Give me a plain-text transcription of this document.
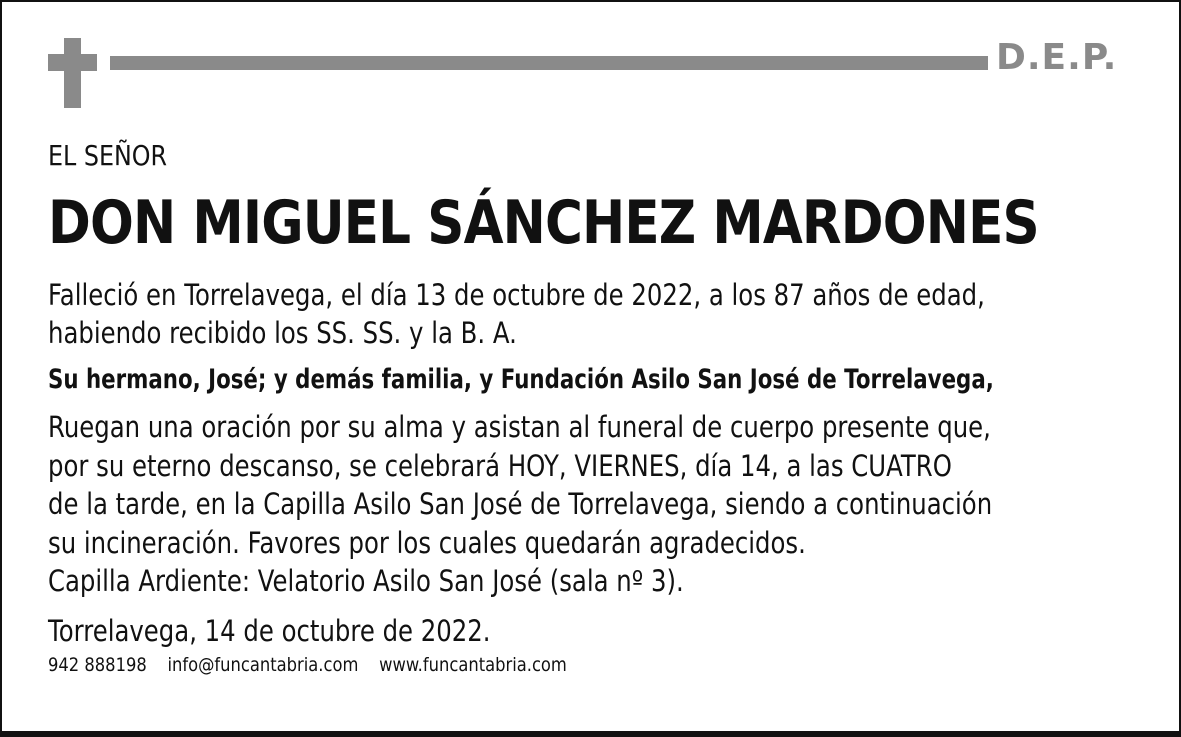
D.E.P.
EL SEÑOR
DON MIGUEL SÁNCHEZ MARDONES
Falleció en Torrelavega, el día 13 de octubre de 2022, a los 87 años de edad,
habiendo recibido los SS. SS. y la B. A.
Su hermano, José; y demás familia, y Fundación Asilo San José de Torrelavega,
Ruegan una oración por su alma y asistan al funeral de cuerpo presente que,
por su eterno descanso, se celebrará HOY, VIERNES, día 14, a las CUATRO
de la tarde, en la Capilla Asilo San José de Torrelavega, siendo a continuación
su incineración. Favores por los cuales quedarán agradecidos.
Capilla Ardiente: Velatorio Asilo San José (sala nº 3).
Torrelavega, 14 de octubre de 2022.
942 888198 info@funcantabria.com www.funcantabria.com
